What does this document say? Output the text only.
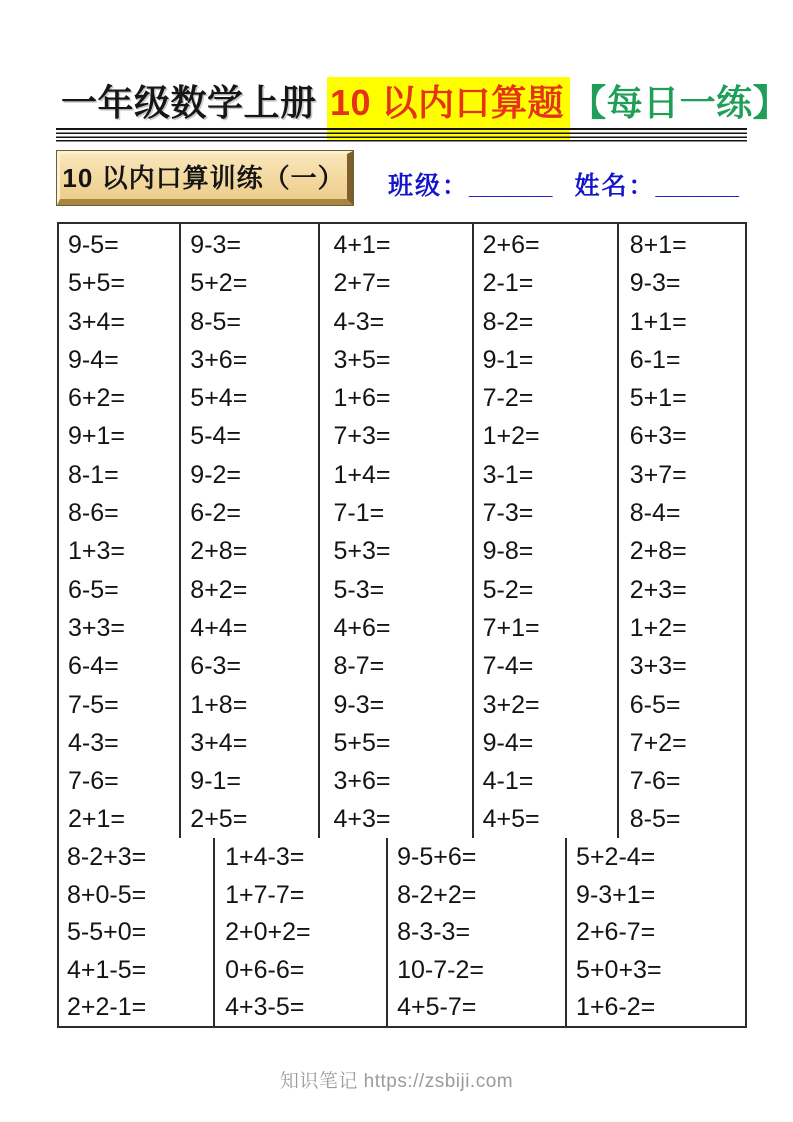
一年级数学上册 10 以内口算题 【每日一练】
10 以内口算训练（一） 班级：______ 姓名：______
9-5=
5+5=
3+4=
9-4=
6+2=
9+1=
8-1=
8-6=
1+3=
6-5=
3+3=
6-4=
7-5=
4-3=
7-6=
2+1=
9-3=
5+2=
8-5=
3+6=
5+4=
5-4=
9-2=
6-2=
2+8=
8+2=
4+4=
6-3=
1+8=
3+4=
9-1=
2+5=
4+1=
2+7=
4-3=
3+5=
1+6=
7+3=
1+4=
7-1=
5+3=
5-3=
4+6=
8-7=
9-3=
5+5=
3+6=
4+3=
2+6=
2-1=
8-2=
9-1=
7-2=
1+2=
3-1=
7-3=
9-8=
5-2=
7+1=
7-4=
3+2=
9-4=
4-1=
4+5=
8+1=
9-3=
1+1=
6-1=
5+1=
6+3=
3+7=
8-4=
2+8=
2+3=
1+2=
3+3=
6-5=
7+2=
7-6=
8-5=
8-2+3=
8+0-5=
5-5+0=
4+1-5=
2+2-1=
1+4-3=
1+7-7=
2+0+2=
0+6-6=
4+3-5=
9-5+6=
8-2+2=
8-3-3=
10-7-2=
4+5-7=
5+2-4=
9-3+1=
2+6-7=
5+0+3=
1+6-2=
知识笔记 https://zsbiji.com
